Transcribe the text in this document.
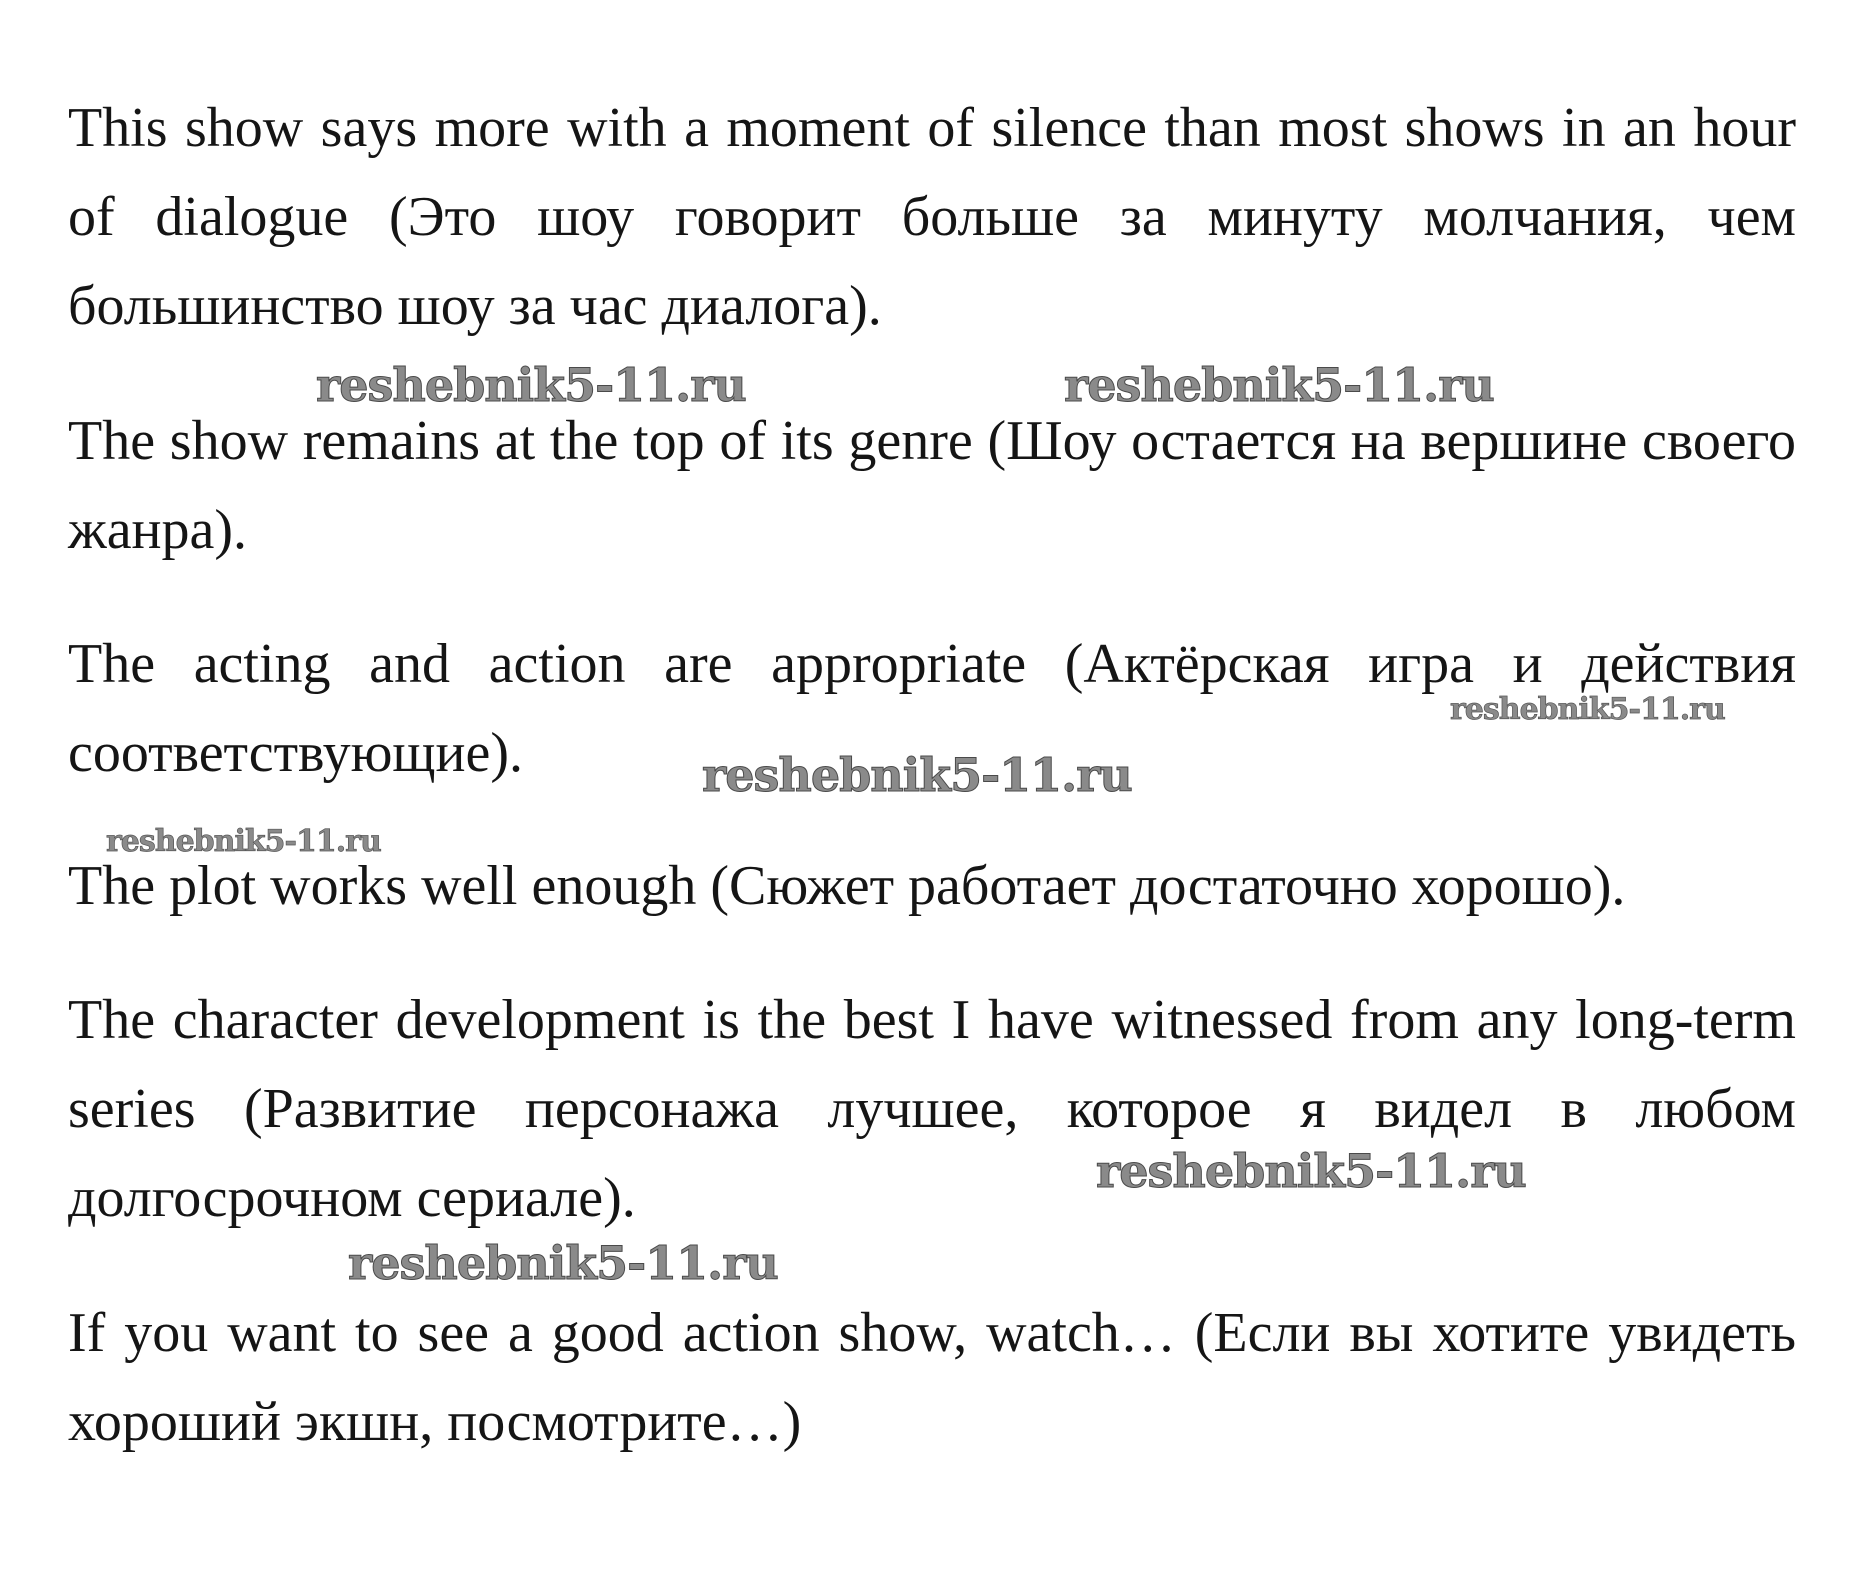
This show says more with a moment of silence than most shows in an hour of dialogue (Это шоу говорит больше за минуту молчания, чем большинство шоу за час диалога).

The show remains at the top of its genre (Шоу остается на вершине своего жанра).

The acting and action are appropriate (Актёрская игра и действия соответствующие).

The plot works well enough (Сюжет работает достаточно хорошо).

The character development is the best I have witnessed from any long-term series (Развитие персонажа лучшее, которое я видел в любом долгосрочном сериале).

If you want to see a good action show, watch… (Если вы хотите увидеть хороший экшн, посмотрите…)

reshebnik5-11.ru	reshebnik5-11.ru
reshebnik5-11.ru
reshebnik5-11.ru
reshebnik5-11.ru
reshebnik5-11.ru
reshebnik5-11.ru
